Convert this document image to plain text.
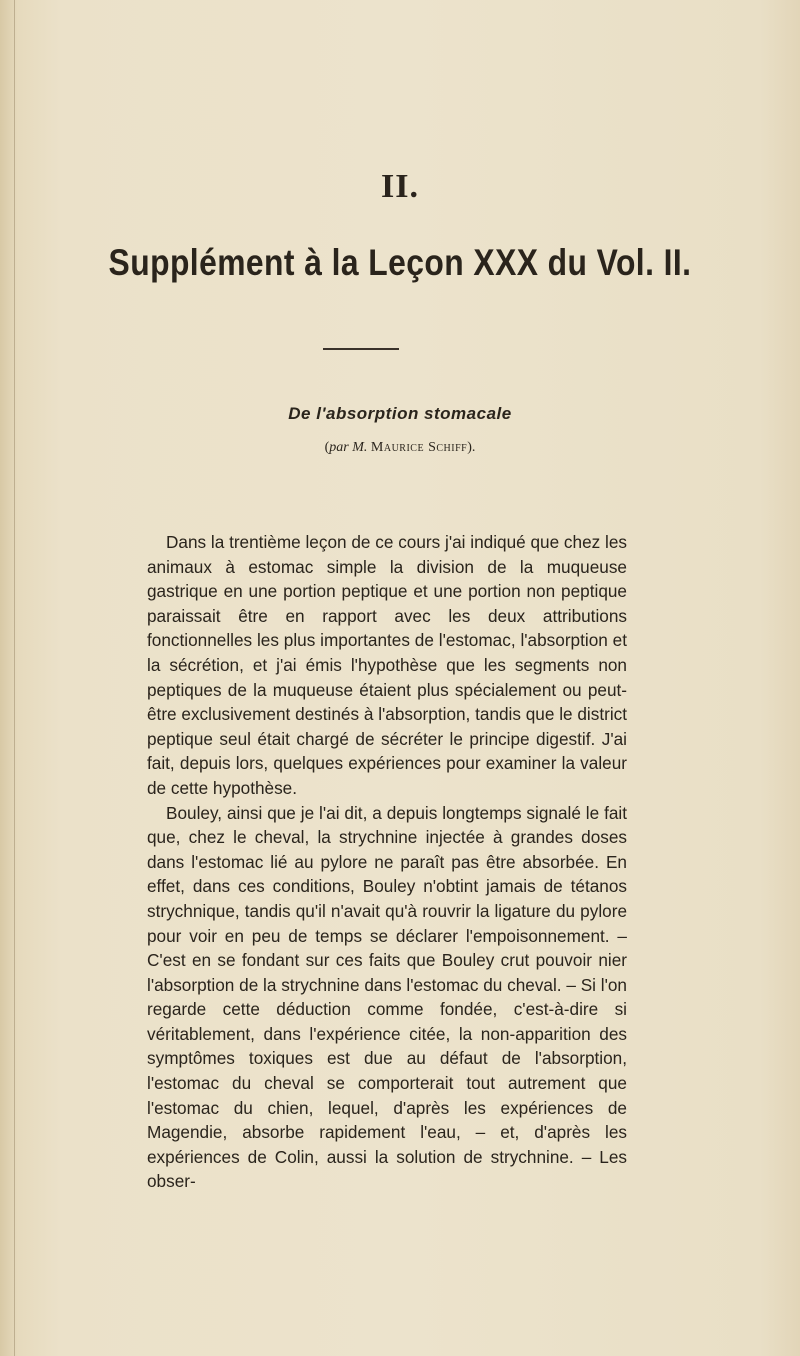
II.
Supplément à la Leçon XXX du Vol. II.
De l'absorption stomacale
(par M. Maurice Schiff).

Dans la trentième leçon de ce cours j'ai indiqué que chez les animaux à estomac simple la division de la muqueuse gastrique en une portion peptique et une portion non peptique paraissait être en rapport avec les deux attributions fonctionnelles les plus importantes de l'estomac, l'absorption et la sécrétion, et j'ai émis l'hypothèse que les segments non peptiques de la muqueuse étaient plus spécialement ou peut-être exclusivement destinés à l'absorption, tandis que le district peptique seul était chargé de sécréter le principe digestif. J'ai fait, depuis lors, quelques expériences pour examiner la valeur de cette hypothèse.

Bouley, ainsi que je l'ai dit, a depuis longtemps signalé le fait que, chez le cheval, la strychnine injectée à grandes doses dans l'estomac lié au pylore ne paraît pas être absorbée. En effet, dans ces conditions, Bouley n'obtint jamais de tétanos strychnique, tandis qu'il n'avait qu'à rouvrir la ligature du pylore pour voir en peu de temps se déclarer l'empoisonnement. – C'est en se fondant sur ces faits que Bouley crut pouvoir nier l'absorption de la strychnine dans l'estomac du cheval. – Si l'on regarde cette déduction comme fondée, c'est-à-dire si véritablement, dans l'expérience citée, la non-apparition des symptômes toxiques est due au défaut de l'absorption, l'estomac du cheval se comporterait tout autrement que l'estomac du chien, lequel, d'après les expériences de Magendie, absorbe rapidement l'eau, – et, d'après les expériences de Colin, aussi la solution de strychnine. – Les obser-
